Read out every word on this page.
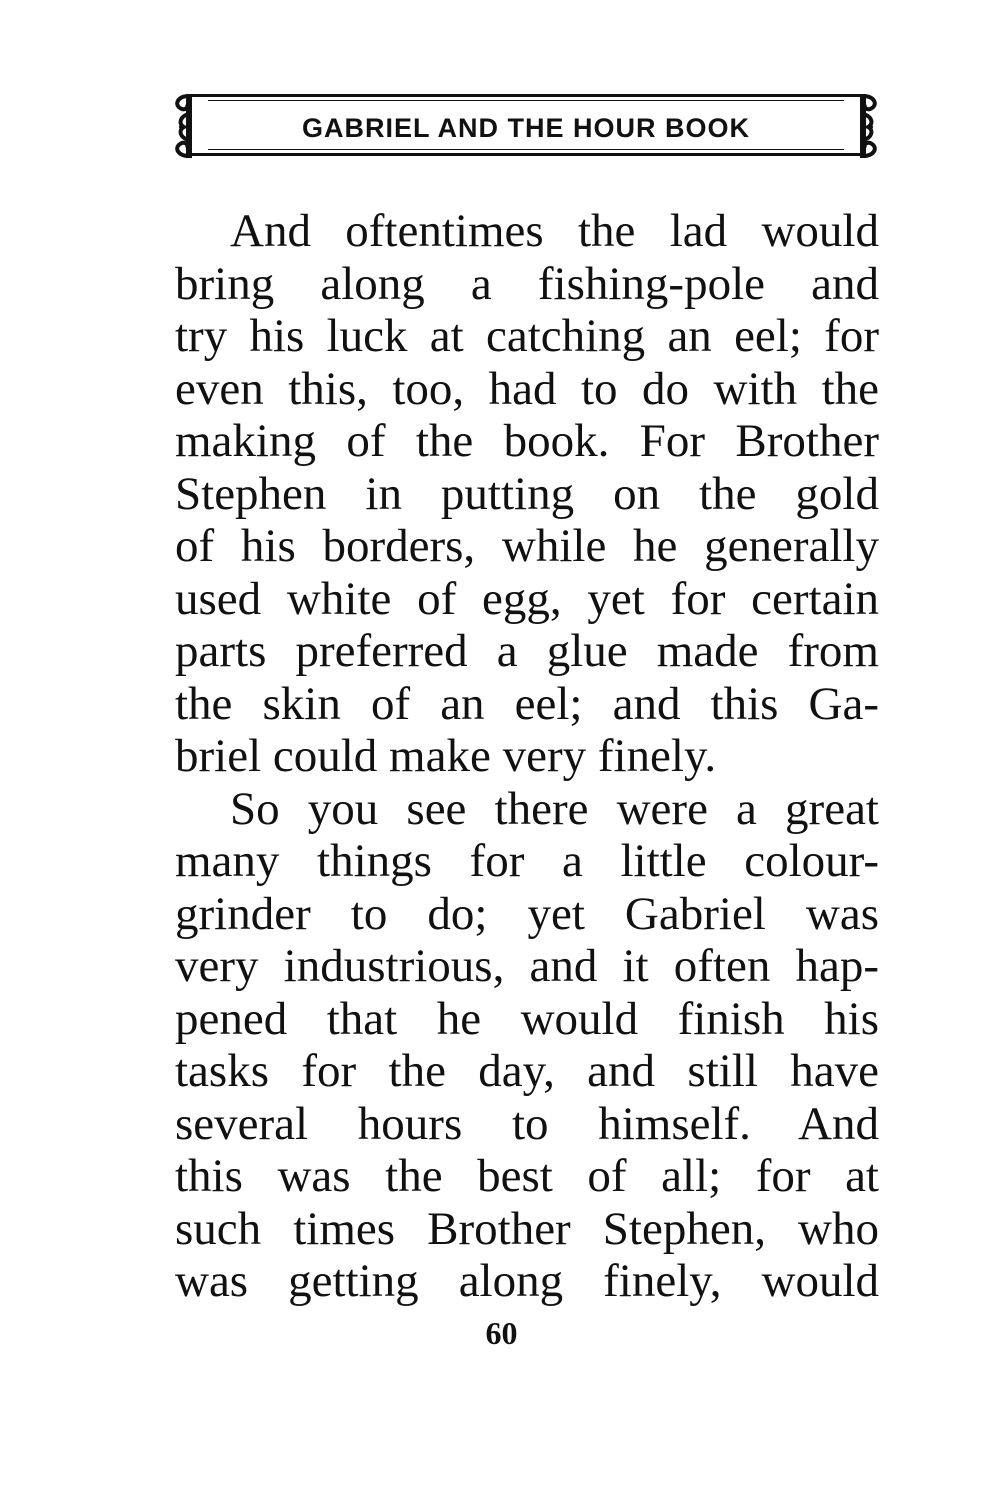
GABRIEL AND THE HOUR BOOK
And oftentimes the lad would
bring along a fishing-pole and
try his luck at catching an eel; for
even this, too, had to do with the
making of the book. For Brother
Stephen in putting on the gold
of his borders, while he generally
used white of egg, yet for certain
parts preferred a glue made from
the skin of an eel; and this Ga-
briel could make very finely.
So you see there were a great
many things for a little colour-
grinder to do; yet Gabriel was
very industrious, and it often hap-
pened that he would finish his
tasks for the day, and still have
several hours to himself. And
this was the best of all; for at
such times Brother Stephen, who
was getting along finely, would
60
